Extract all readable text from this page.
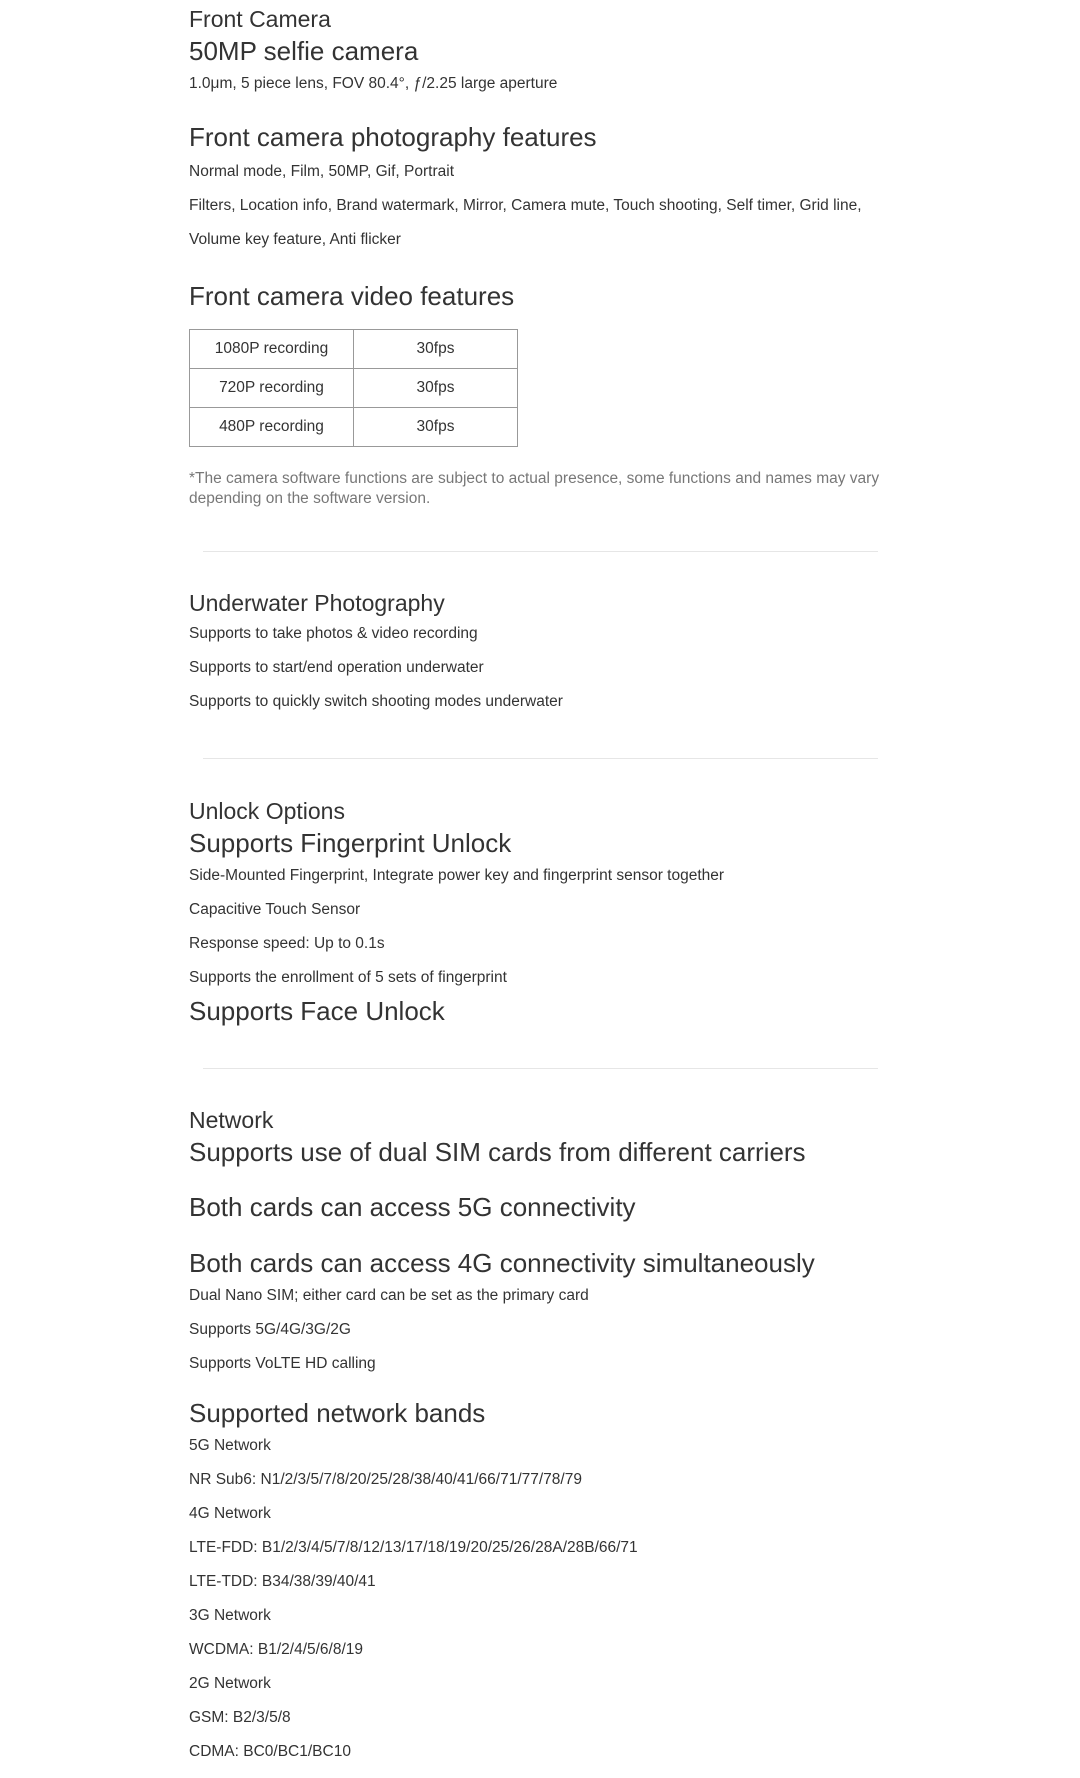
Front Camera
50MP selfie camera

1.0μm, 5 piece lens, FOV 80.4°, ƒ/2.25 large aperture

Front camera photography features

Normal mode, Film, 50MP, Gif, Portrait

Filters, Location info, Brand watermark, Mirror, Camera mute, Touch shooting, Self timer, Grid line,

Volume key feature, Anti flicker

Front camera video features
1080P recording	30fps
720P recording	30fps
480P recording	30fps

*The camera software functions are subject to actual presence, some functions and names may vary depending on the software version.

Underwater Photography

Supports to take photos & video recording

Supports to start/end operation underwater

Supports to quickly switch shooting modes underwater

Unlock Options
Supports Fingerprint Unlock

Side-Mounted Fingerprint, Integrate power key and fingerprint sensor together

Capacitive Touch Sensor

Response speed: Up to 0.1s

Supports the enrollment of 5 sets of fingerprint

Supports Face Unlock
Network
Supports use of dual SIM cards from different carriers
Both cards can access 5G connectivity
Both cards can access 4G connectivity simultaneously

Dual Nano SIM; either card can be set as the primary card

Supports 5G/4G/3G/2G

Supports VoLTE HD calling

Supported network bands

5G Network

NR Sub6: N1/2/3/5/7/8/20/25/28/38/40/41/66/71/77/78/79

4G Network

LTE-FDD: B1/2/3/4/5/7/8/12/13/17/18/19/20/25/26/28A/28B/66/71

LTE-TDD: B34/38/39/40/41

3G Network

WCDMA: B1/2/4/5/6/8/19

2G Network

GSM: B2/3/5/8

CDMA: BC0/BC1/BC10
